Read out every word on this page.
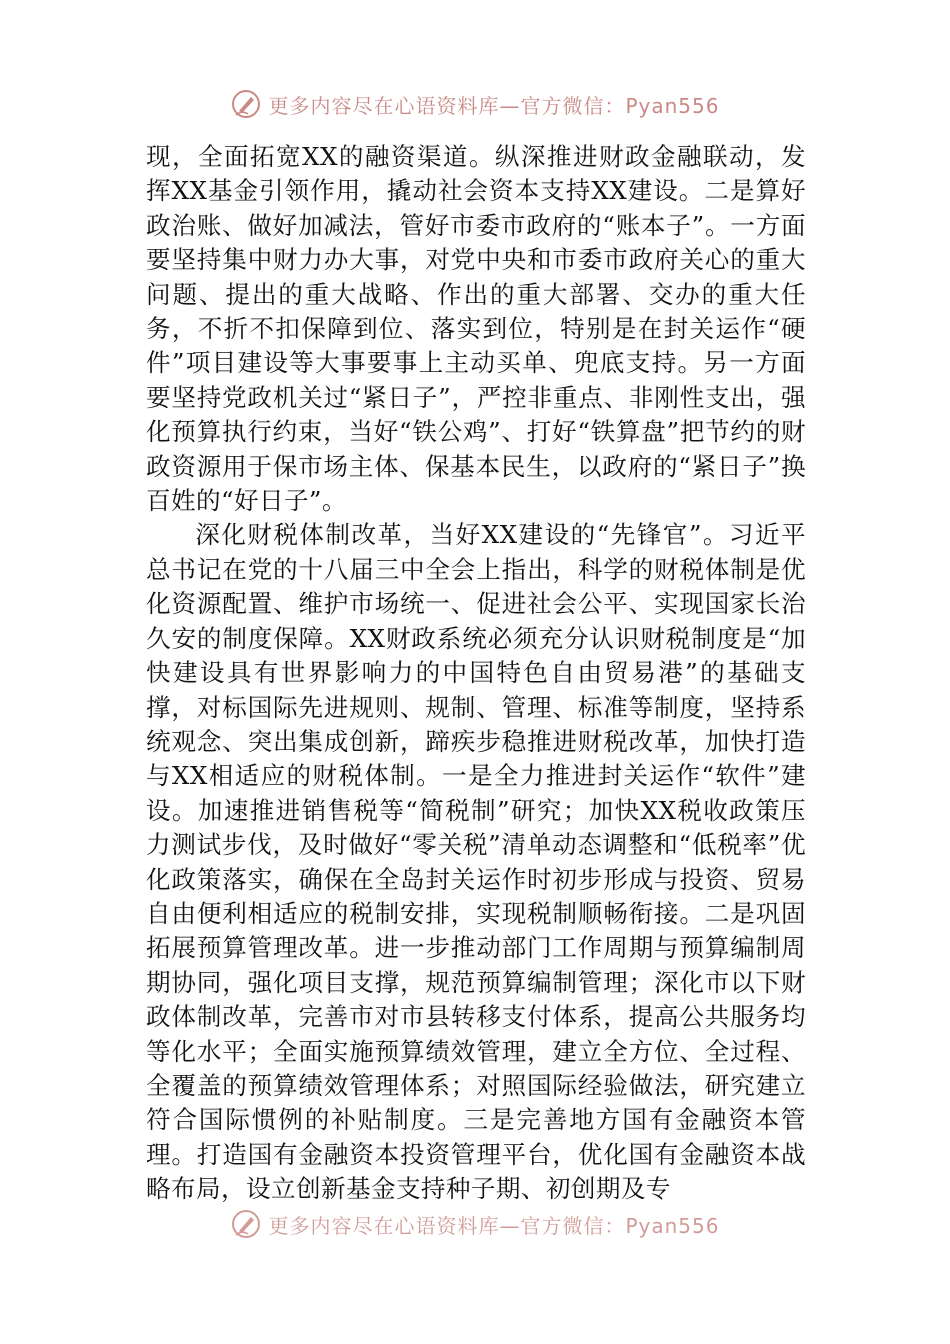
更多内容尽在心语资料库—官方微信：Pyan556

现，全面拓宽XX的融资渠道。纵深推进财政金融联动，发挥XX基金引领作用，撬动社会资本支持XX建设。二是算好政治账、做好加减法，管好市委市政府的“账本子”。一方面要坚持集中财力办大事，对党中央和市委市政府关心的重大问题、提出的重大战略、作出的重大部署、交办的重大任务，不折不扣保障到位、落实到位，特别是在封关运作“硬件”项目建设等大事要事上主动买单、兜底支持。另一方面要坚持党政机关过“紧日子”，严控非重点、非刚性支出，强化预算执行约束，当好“铁公鸡”、打好“铁算盘”把节约的财政资源用于保市场主体、保基本民生，以政府的“紧日子”换百姓的“好日子”。

深化财税体制改革，当好XX建设的“先锋官”。习近平总书记在党的十八届三中全会上指出，科学的财税体制是优化资源配置、维护市场统一、促进社会公平、实现国家长治久安的制度保障。XX财政系统必须充分认识财税制度是“加快建设具有世界影响力的中国特色自由贸易港”的基础支撑，对标国际先进规则、规制、管理、标准等制度，坚持系统观念、突出集成创新，蹄疾步稳推进财税改革，加快打造与XX相适应的财税体制。一是全力推进封关运作“软件”建设。加速推进销售税等“简税制”研究；加快XX税收政策压力测试步伐，及时做好“零关税”清单动态调整和“低税率”优化政策落实，确保在全岛封关运作时初步形成与投资、贸易自由便利相适应的税制安排，实现税制顺畅衔接。二是巩固拓展预算管理改革。进一步推动部门工作周期与预算编制周期协同，强化项目支撑，规范预算编制管理；深化市以下财政体制改革，完善市对市县转移支付体系，提高公共服务均等化水平；全面实施预算绩效管理，建立全方位、全过程、全覆盖的预算绩效管理体系；对照国际经验做法，研究建立符合国际惯例的补贴制度。三是完善地方国有金融资本管理。打造国有金融资本投资管理平台，优化国有金融资本战略布局，设立创新基金支持种子期、初创期及专

更多内容尽在心语资料库—官方微信：Pyan556
